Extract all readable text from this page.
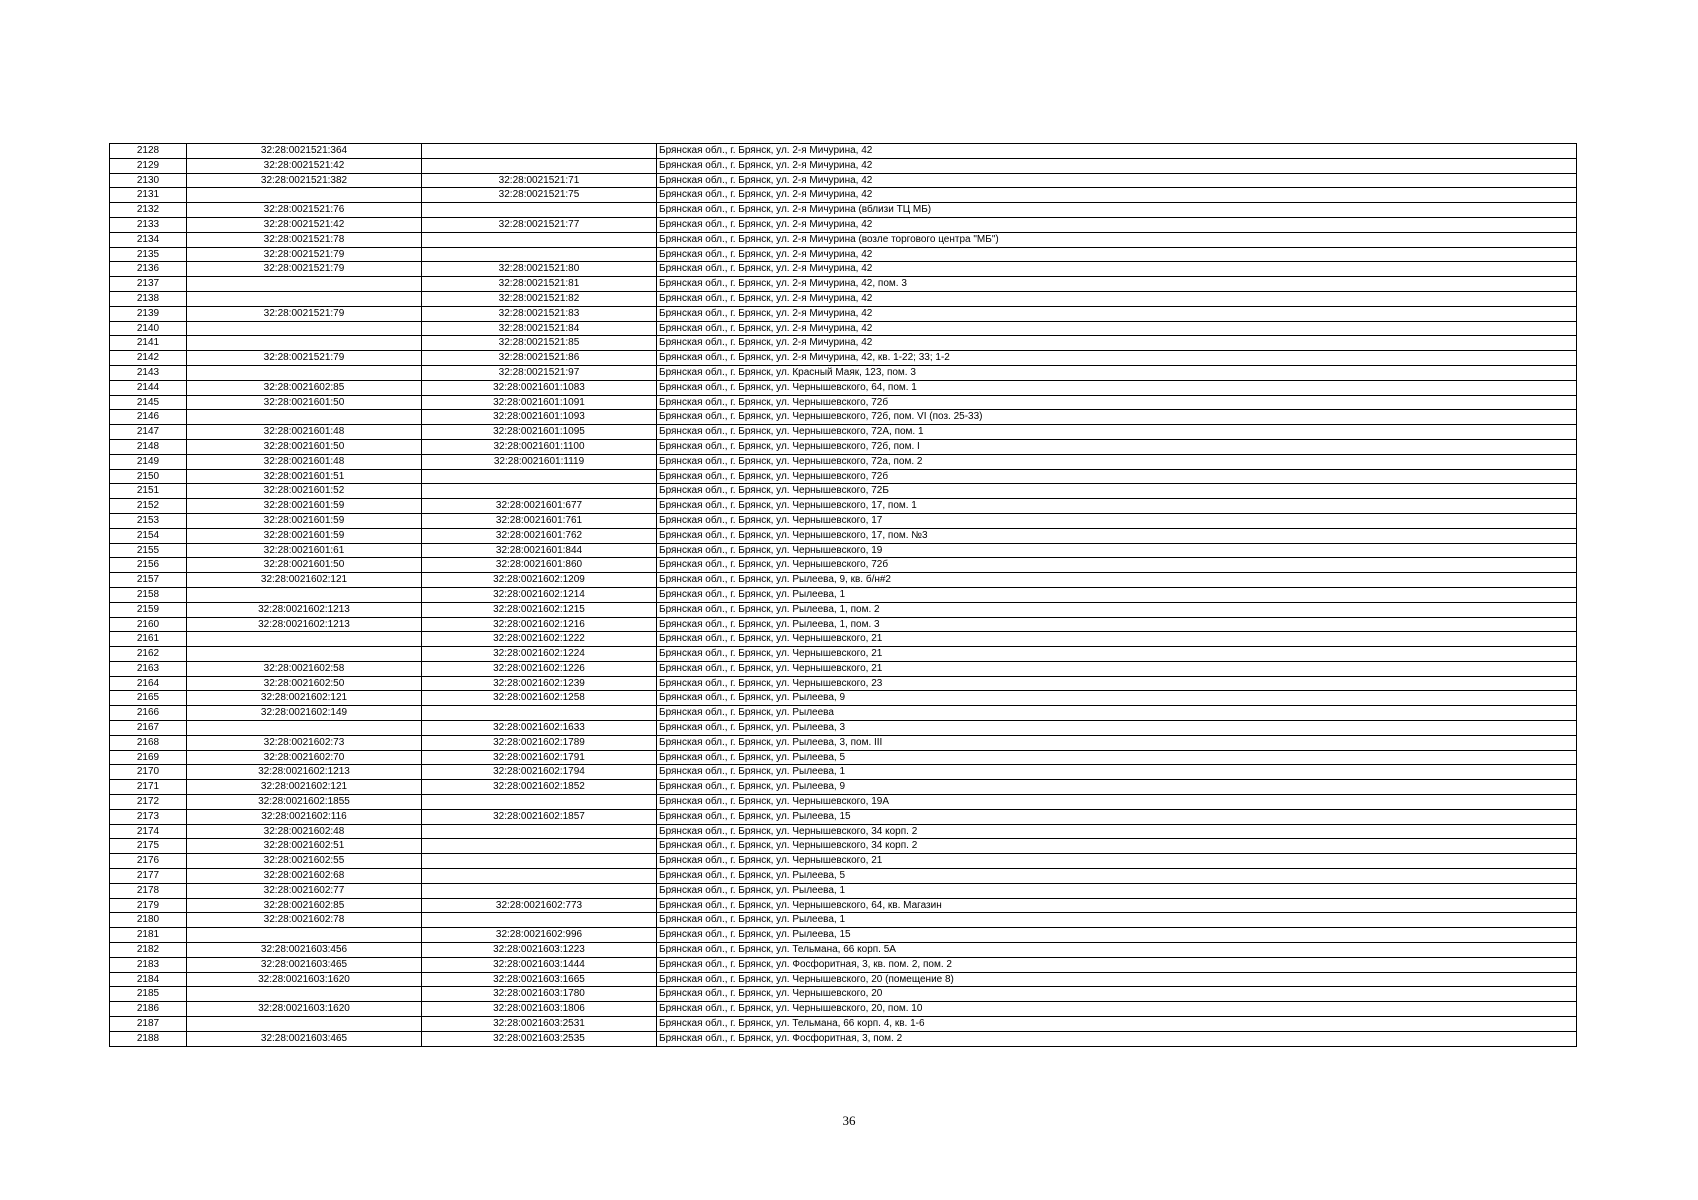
2128	32:28:0021521:364		Брянская обл., г. Брянск, ул. 2-я Мичурина, 42
2129	32:28:0021521:42		Брянская обл., г. Брянск, ул. 2-я Мичурина, 42
2130	32:28:0021521:382	32:28:0021521:71	Брянская обл., г. Брянск, ул. 2-я Мичурина, 42
2131		32:28:0021521:75	Брянская обл., г. Брянск, ул. 2-я Мичурина, 42
2132	32:28:0021521:76		Брянская обл., г. Брянск, ул. 2-я Мичурина (вблизи ТЦ МБ)
2133	32:28:0021521:42	32:28:0021521:77	Брянская обл., г. Брянск, ул. 2-я Мичурина, 42
2134	32:28:0021521:78		Брянская обл., г. Брянск, ул. 2-я Мичурина (возле торгового центра "МБ")
2135	32:28:0021521:79		Брянская обл., г. Брянск, ул. 2-я Мичурина, 42
2136	32:28:0021521:79	32:28:0021521:80	Брянская обл., г. Брянск, ул. 2-я Мичурина, 42
2137		32:28:0021521:81	Брянская обл., г. Брянск, ул. 2-я Мичурина, 42, пом. 3
2138		32:28:0021521:82	Брянская обл., г. Брянск, ул. 2-я Мичурина, 42
2139	32:28:0021521:79	32:28:0021521:83	Брянская обл., г. Брянск, ул. 2-я Мичурина, 42
2140		32:28:0021521:84	Брянская обл., г. Брянск, ул. 2-я Мичурина, 42
2141		32:28:0021521:85	Брянская обл., г. Брянск, ул. 2-я Мичурина, 42
2142	32:28:0021521:79	32:28:0021521:86	Брянская обл., г. Брянск, ул. 2-я Мичурина, 42, кв. 1-22; 33; 1-2
2143		32:28:0021521:97	Брянская обл., г. Брянск, ул. Красный Маяк, 123, пом. 3
2144	32:28:0021602:85	32:28:0021601:1083	Брянская обл., г. Брянск, ул. Чернышевского, 64, пом. 1
2145	32:28:0021601:50	32:28:0021601:1091	Брянская обл., г. Брянск, ул. Чернышевского, 72б
2146		32:28:0021601:1093	Брянская обл., г. Брянск, ул. Чернышевского, 72б, пом. VI (поз. 25-33)
2147	32:28:0021601:48	32:28:0021601:1095	Брянская обл., г. Брянск, ул. Чернышевского, 72А, пом. 1
2148	32:28:0021601:50	32:28:0021601:1100	Брянская обл., г. Брянск, ул. Чернышевского, 72б, пом. I
2149	32:28:0021601:48	32:28:0021601:1119	Брянская обл., г. Брянск, ул. Чернышевского, 72а, пом. 2
2150	32:28:0021601:51		Брянская обл., г. Брянск, ул. Чернышевского, 72б
2151	32:28:0021601:52		Брянская обл., г. Брянск, ул. Чернышевского, 72Б
2152	32:28:0021601:59	32:28:0021601:677	Брянская обл., г. Брянск, ул. Чернышевского, 17, пом. 1
2153	32:28:0021601:59	32:28:0021601:761	Брянская обл., г. Брянск, ул. Чернышевского, 17
2154	32:28:0021601:59	32:28:0021601:762	Брянская обл., г. Брянск, ул. Чернышевского, 17, пом. №3
2155	32:28:0021601:61	32:28:0021601:844	Брянская обл., г. Брянск, ул. Чернышевского, 19
2156	32:28:0021601:50	32:28:0021601:860	Брянская обл., г. Брянск, ул. Чернышевского, 72б
2157	32:28:0021602:121	32:28:0021602:1209	Брянская обл., г. Брянск, ул. Рылеева, 9, кв. б/н#2
2158		32:28:0021602:1214	Брянская обл., г. Брянск, ул. Рылеева, 1
2159	32:28:0021602:1213	32:28:0021602:1215	Брянская обл., г. Брянск, ул. Рылеева, 1, пом. 2
2160	32:28:0021602:1213	32:28:0021602:1216	Брянская обл., г. Брянск, ул. Рылеева, 1, пом. 3
2161		32:28:0021602:1222	Брянская обл., г. Брянск, ул. Чернышевского, 21
2162		32:28:0021602:1224	Брянская обл., г. Брянск, ул. Чернышевского, 21
2163	32:28:0021602:58	32:28:0021602:1226	Брянская обл., г. Брянск, ул. Чернышевского, 21
2164	32:28:0021602:50	32:28:0021602:1239	Брянская обл., г. Брянск, ул. Чернышевского, 23
2165	32:28:0021602:121	32:28:0021602:1258	Брянская обл., г. Брянск, ул. Рылеева, 9
2166	32:28:0021602:149		Брянская обл., г. Брянск, ул. Рылеева
2167		32:28:0021602:1633	Брянская обл., г. Брянск, ул. Рылеева, 3
2168	32:28:0021602:73	32:28:0021602:1789	Брянская обл., г. Брянск, ул. Рылеева, 3, пом. III
2169	32:28:0021602:70	32:28:0021602:1791	Брянская обл., г. Брянск, ул. Рылеева, 5
2170	32:28:0021602:1213	32:28:0021602:1794	Брянская обл., г. Брянск, ул. Рылеева, 1
2171	32:28:0021602:121	32:28:0021602:1852	Брянская обл., г. Брянск, ул. Рылеева, 9
2172	32:28:0021602:1855		Брянская обл., г. Брянск, ул. Чернышевского, 19А
2173	32:28:0021602:116	32:28:0021602:1857	Брянская обл., г. Брянск, ул. Рылеева, 15
2174	32:28:0021602:48		Брянская обл., г. Брянск, ул. Чернышевского, 34 корп. 2
2175	32:28:0021602:51		Брянская обл., г. Брянск, ул. Чернышевского, 34 корп. 2
2176	32:28:0021602:55		Брянская обл., г. Брянск, ул. Чернышевского, 21
2177	32:28:0021602:68		Брянская обл., г. Брянск, ул. Рылеева, 5
2178	32:28:0021602:77		Брянская обл., г. Брянск, ул. Рылеева, 1
2179	32:28:0021602:85	32:28:0021602:773	Брянская обл., г. Брянск, ул. Чернышевского, 64, кв. Магазин
2180	32:28:0021602:78		Брянская обл., г. Брянск, ул. Рылеева, 1
2181		32:28:0021602:996	Брянская обл., г. Брянск, ул. Рылеева, 15
2182	32:28:0021603:456	32:28:0021603:1223	Брянская обл., г. Брянск, ул. Тельмана, 66 корп. 5А
2183	32:28:0021603:465	32:28:0021603:1444	Брянская обл., г. Брянск, ул. Фосфоритная, 3, кв. пом. 2, пом. 2
2184	32:28:0021603:1620	32:28:0021603:1665	Брянская обл., г. Брянск, ул. Чернышевского, 20 (помещение 8)
2185		32:28:0021603:1780	Брянская обл., г. Брянск, ул. Чернышевского, 20
2186	32:28:0021603:1620	32:28:0021603:1806	Брянская обл., г. Брянск, ул. Чернышевского, 20, пом. 10
2187		32:28:0021603:2531	Брянская обл., г. Брянск, ул. Тельмана, 66 корп. 4, кв. 1-6
2188	32:28:0021603:465	32:28:0021603:2535	Брянская обл., г. Брянск, ул. Фосфоритная, 3, пом. 2
36
